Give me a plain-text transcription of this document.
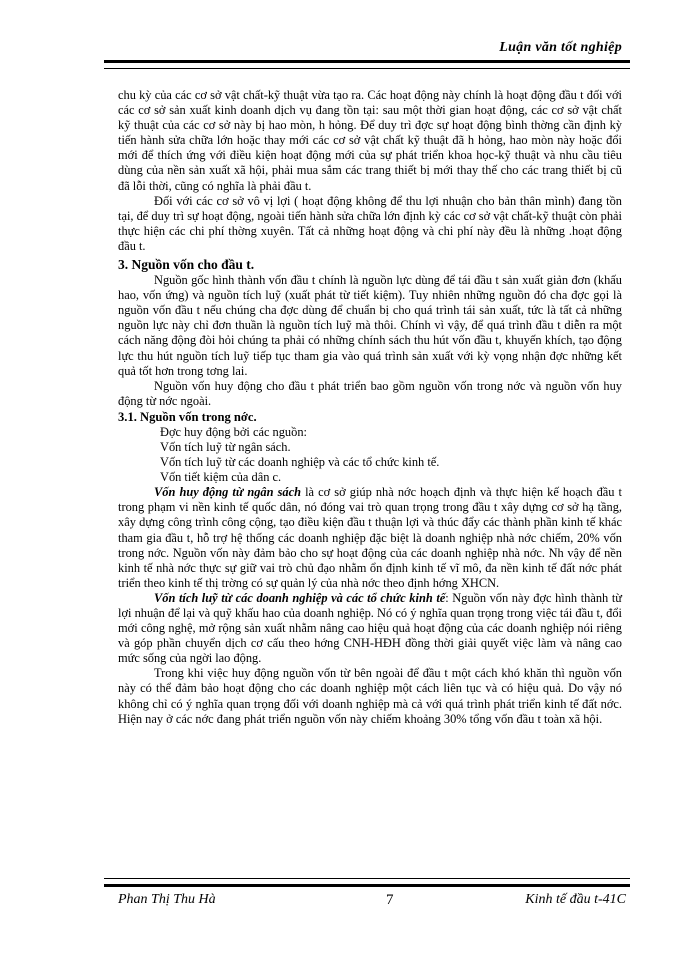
Luận văn tốt nghiệp

chu kỳ của các cơ sở vật chất-kỹ thuật vừa tạo ra. Các hoạt động này chính là hoạt động đầu t đối với các cơ sở sản xuất kinh doanh dịch vụ đang tồn tại: sau một thời gian hoạt động, các cơ sở vật chất kỹ thuật của các cơ sở này bị hao mòn, h hỏng. Để duy trì đợc sự hoạt động bình thờng cần định kỳ tiến hành sửa chữa lớn hoặc thay mới các cơ sở vật chất kỹ thuật đã h hỏng, hao mòn này hoặc đổi mới để thích ứng với điều kiện hoạt động mới của sự phát triển khoa học-kỹ thuật và nhu cầu tiêu dùng của nền sản xuất xã hội, phải mua sắm các trang thiết bị mới thay thế cho các trang thiết bị cũ đã lỗi thời, cũng có nghĩa là phải đầu t.

Đối với các cơ sở vô vị lợi ( hoạt động không để thu lợi nhuận cho bản thân mình) đang tồn tại, để duy trì sự hoạt động, ngoài tiến hành sửa chữa lớn định kỳ các cơ sở vật chất-kỹ thuật còn phải thực hiện các chi phí thờng xuyên. Tất cả những hoạt động và chi phí này đều là những .hoạt động đầu t.

3. Nguồn vốn cho đầu t.

Nguồn gốc hình thành vốn đầu t chính là nguồn lực dùng để tái đầu t sản xuất giản đơn (khấu hao, vốn ứng) và nguồn tích luỹ (xuất phát từ tiết kiệm). Tuy nhiên những nguồn đó cha đợc gọi là nguồn vốn đầu t nếu chúng cha đợc dùng để chuẩn bị cho quá trình tái sản xuất, tức là tất cả những nguồn lực này chỉ đơn thuần là nguồn tích luỹ mà thôi. Chính vì vậy, để quá trình đầu t diễn ra một cách năng động đòi hỏi chúng ta phải có những chính sách thu hút vốn đầu t, khuyến khích, tạo động lực thu hút nguồn tích luỹ tiếp tục tham gia vào quá trình sản xuất với kỳ vọng nhận đợc những kết quả tốt hơn trong tơng lai.

Nguồn vốn huy động cho đầu t phát triển bao gồm nguồn vốn trong nớc và nguồn vốn huy động từ nớc ngoài.

3.1. Nguồn vốn trong nớc.

Đợc huy động bởi các nguồn:

Vốn tích luỹ từ ngân sách.

Vốn tích luỹ từ các doanh nghiệp và các tổ chức kinh tế.

Vốn tiết kiệm của dân c.

Vốn huy động từ ngân sách là cơ sở giúp nhà nớc hoạch định và thực hiện kế hoạch đầu t trong phạm vi nền kinh tế quốc dân, nó đóng vai trò quan trọng trong đầu t xây dựng cơ sở hạ tầng, xây dựng công trình công cộng, tạo điều kiện đầu t thuận lợi và thúc đẩy các thành phần kinh tế khác tham gia đầu t, hỗ trợ hệ thống các doanh nghiệp đặc biệt là doanh nghiệp nhà nớc chiếm, 20% vốn trong nớc. Nguồn vốn này đảm bảo cho sự hoạt động của các doanh nghiệp nhà nớc. Nh vậy để nền kinh tế nhà nớc thực sự giữ vai trò chủ đạo nhằm ổn định kinh tế vĩ mô, đa nền kinh tế đất nớc phát triển theo kinh tế thị trờng có sự quản lý của nhà nớc theo định hớng XHCN.

Vốn tích luỹ từ các doanh nghiệp và các tổ chức kinh tế: Nguồn vốn này đợc hình thành từ lợi nhuận để lại và quỹ khấu hao của doanh nghiệp. Nó có ý nghĩa quan trọng trong việc tái đầu t, đổi mới công nghệ, mở rộng sản xuất nhằm nâng cao hiệu quả hoạt động của các doanh nghiệp nói riêng và góp phần chuyển dịch cơ cấu theo hớng CNH-HĐH đồng thời giải quyết việc làm và nâng cao mức sống của ngời lao động.

Trong khi việc huy động nguồn vốn từ bên ngoài để đầu t một cách khó khăn thì nguồn vốn này có thể đảm bảo hoạt động cho các doanh nghiệp một cách liên tục và có hiệu quả. Do vậy nó không chỉ có ý nghĩa quan trọng đối với doanh nghiệp mà cả với quá trình phát triển kinh tế đất nớc. Hiện nay ở các nớc đang phát triển nguồn vốn này chiếm khoảng 30% tổng vốn đầu t toàn xã hội.

Phan Thị Thu Hà	7	Kinh tế đầu t-41C
